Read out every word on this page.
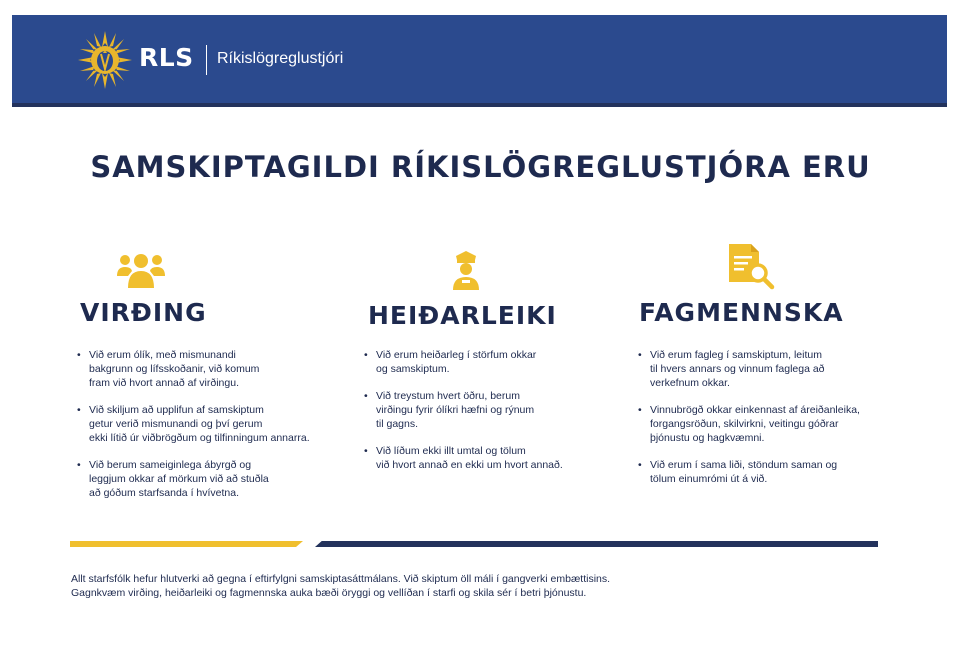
RLS Ríkislögreglustjóri
SAMSKIPTAGILDI RÍKISLÖGREGLUSTJÓRA ERU
VIRÐING
• Við erum ólík, með mismunandi
bakgrunn og lífsskoðanir, við komum
fram við hvort annað af virðingu.
• Við skiljum að upplifun af samskiptum
getur verið mismunandi og því gerum
ekki lítið úr viðbrögðum og tilfinningum annarra.
• Við berum sameiginlega ábyrgð og
leggjum okkar af mörkum við að stuðla
að góðum starfsanda í hvívetna.
HEIÐARLEIKI
• Við erum heiðarleg í störfum okkar
og samskiptum.
• Við treystum hvert öðru, berum
virðingu fyrir ólíkri hæfni og rýnum
til gagns.
• Við líðum ekki illt umtal og tölum
við hvort annað en ekki um hvort annað.
FAGMENNSKA
• Við erum fagleg í samskiptum, leitum
til hvers annars og vinnum faglega að
verkefnum okkar.
• Vinnubrögð okkar einkennast af áreiðanleika,
forgangsröðun, skilvirkni, veitingu góðrar
þjónustu og hagkvæmni.
• Við erum í sama liði, stöndum saman og
tölum einumrómi út á við.

Allt starfsfólk hefur hlutverki að gegna í eftirfylgni samskiptasáttmálans. Við skiptum öll máli í gangverki embættisins.

Gagnkvæm virðing, heiðarleiki og fagmennska auka bæði öryggi og vellíðan í starfi og skila sér í betri þjónustu.
